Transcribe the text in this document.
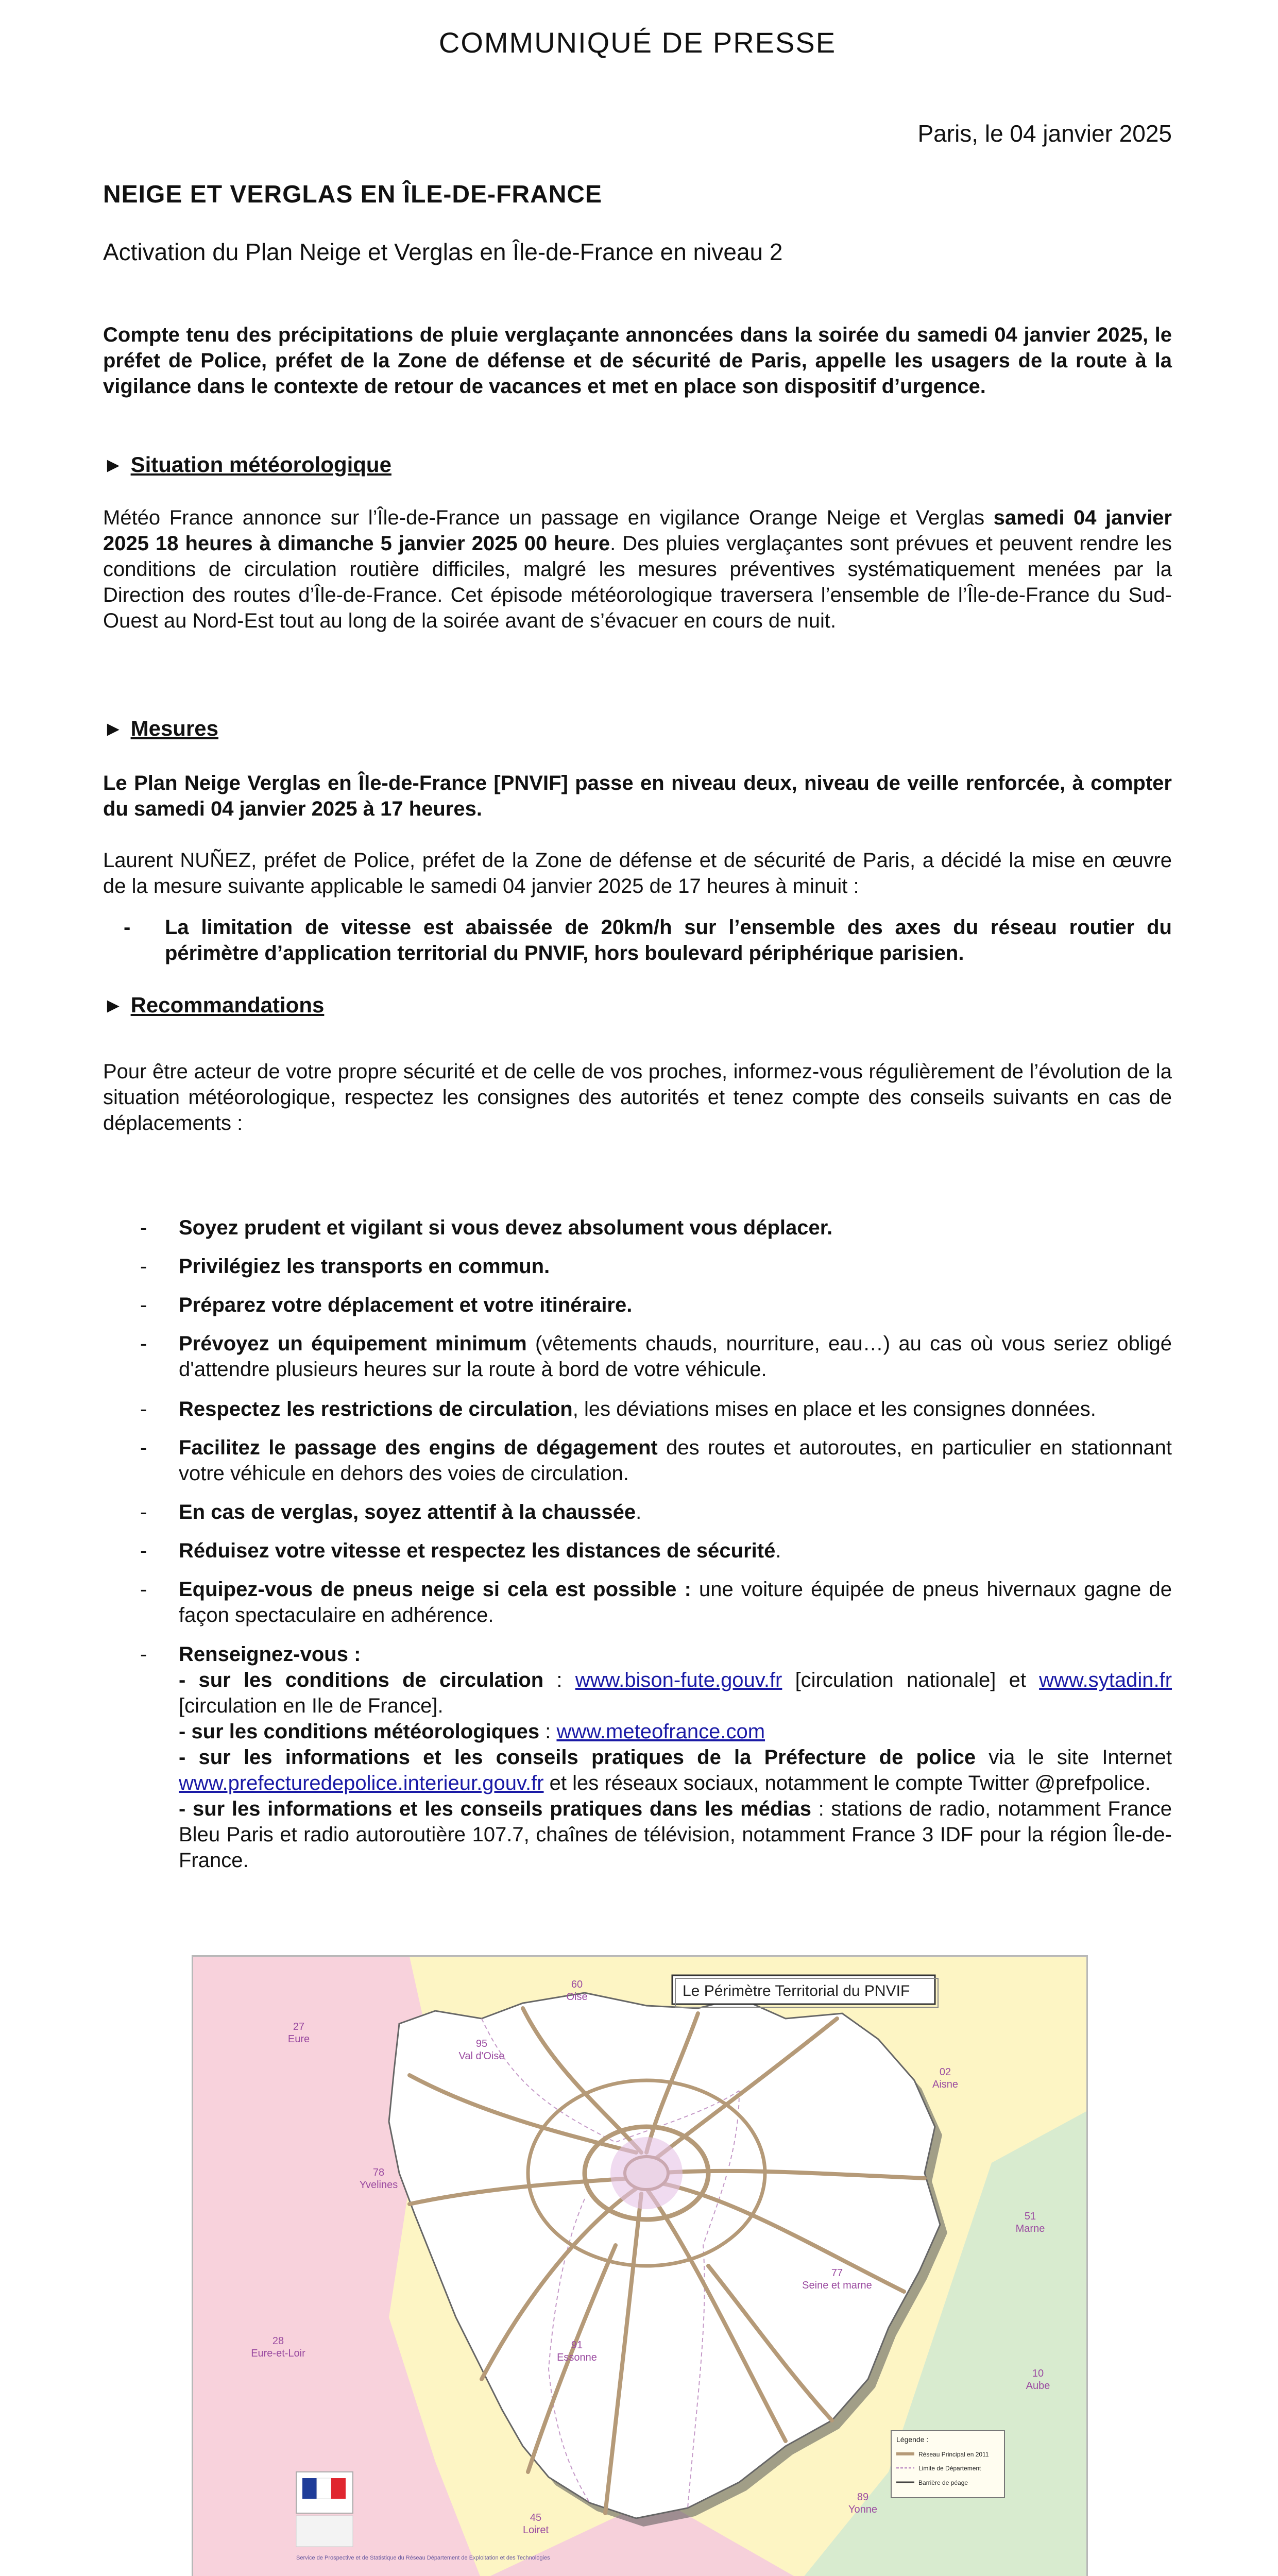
COMMUNIQUÉ DE PRESSE
Paris, le 04 janvier 2025
NEIGE ET VERGLAS EN ÎLE-DE-FRANCE
Activation du Plan Neige et Verglas en Île-de-France en niveau 2
Compte tenu des précipitations de pluie verglaçante annoncées dans la soirée du samedi 04 janvier 2025, le préfet de Police, préfet de la Zone de défense et de sécurité de Paris, appelle les usagers de la route à la vigilance dans le contexte de retour de vacances et met en place son dispositif d’urgence.
► Situation météorologique
Météo France annonce sur l’Île-de-France un passage en vigilance Orange Neige et Verglas samedi 04 janvier 2025 18 heures à dimanche 5 janvier 2025 00 heure. Des pluies verglaçantes sont prévues et peuvent rendre les conditions de circulation routière difficiles, malgré les mesures préventives systématiquement menées par la Direction des routes d’Île-de-France. Cet épisode météorologique traversera l’ensemble de l’Île-de-France du Sud-Ouest au Nord-Est tout au long de la soirée avant de s’évacuer en cours de nuit.
► Mesures
Le Plan Neige Verglas en Île-de-France [PNVIF] passe en niveau deux, niveau de veille renforcée, à compter du samedi 04 janvier 2025 à 17 heures.
Laurent NUÑEZ, préfet de Police, préfet de la Zone de défense et de sécurité de Paris, a décidé la mise en œuvre de la mesure suivante applicable le samedi 04 janvier 2025 de 17 heures à minuit :
- La limitation de vitesse est abaissée de 20km/h sur l’ensemble des axes du réseau routier du périmètre d’application territorial du PNVIF, hors boulevard périphérique parisien.
► Recommandations
Pour être acteur de votre propre sécurité et de celle de vos proches, informez-vous régulièrement de l’évolution de la situation météorologique, respectez les consignes des autorités et tenez compte des conseils suivants en cas de déplacements :
- Soyez prudent et vigilant si vous devez absolument vous déplacer.
- Privilégiez les transports en commun.
- Préparez votre déplacement et votre itinéraire.
- Prévoyez un équipement minimum (vêtements chauds, nourriture, eau…) au cas où vous seriez obligé d'attendre plusieurs heures sur la route à bord de votre véhicule.
- Respectez les restrictions de circulation, les déviations mises en place et les consignes données.
- Facilitez le passage des engins de dégagement des routes et autoroutes, en particulier en stationnant votre véhicule en dehors des voies de circulation.
- En cas de verglas, soyez attentif à la chaussée.
- Réduisez votre vitesse et respectez les distances de sécurité.
- Equipez-vous de pneus neige si cela est possible : une voiture équipée de pneus hivernaux gagne de façon spectaculaire en adhérence.
- Renseignez-vous :
- sur les conditions de circulation : www.bison-fute.gouv.fr [circulation nationale] et www.sytadin.fr [circulation en Ile de France].
- sur les conditions météorologiques : www.meteofrance.com
- sur les informations et les conseils pratiques de la Préfecture de police via le site Internet www.prefecturedepolice.interieur.gouv.fr et les réseaux sociaux, notamment le compte Twitter @prefpolice.
- sur les informations et les conseils pratiques dans les médias : stations de radio, notamment France Bleu Paris et radio autoroutière 107.7, chaînes de télévision, notamment France 3 IDF pour la région Île-de-France.
Le Périmètre Territorial du PNVIF
60
Oise
27
Eure	95
Val d'Oise
02
Aisne
78
Yvelines
51
Marne
77
Seine et marne
28
Eure-et-Loir
91
Essonne
10
Aube
45
Loiret
89
Yonne
Légende :
Réseau Principal en 2011
Limite de Département
Barrière de péage
Service de Prospective et de Statistique du Réseau Département de Exploitation et des Technologies
